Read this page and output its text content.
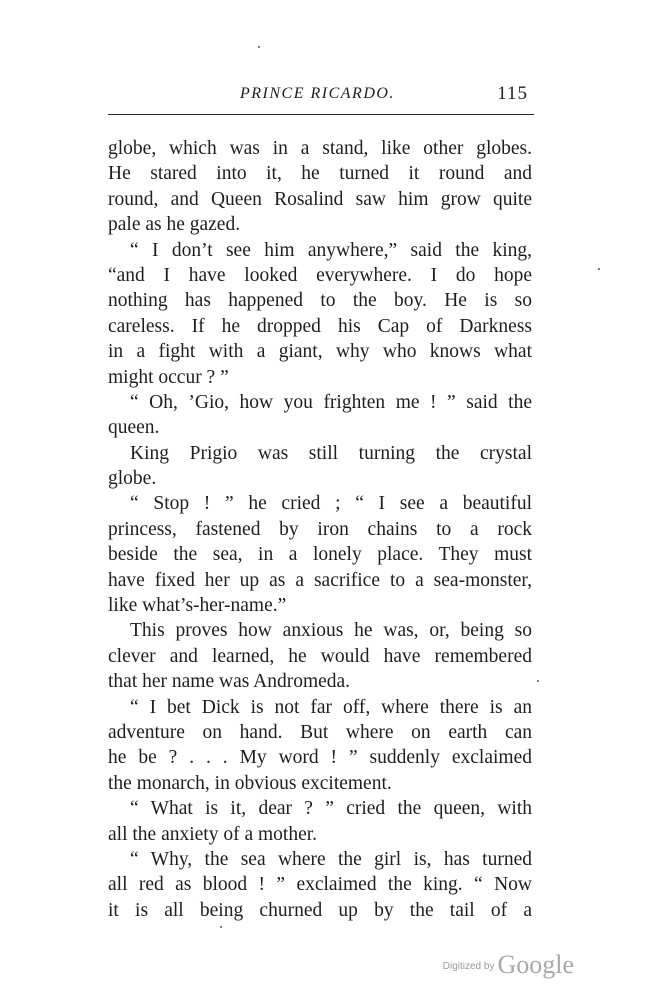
PRINCE RICARDO.	115
globe, which was in a stand, like other globes.
He stared into it, he turned it round and
round, and Queen Rosalind saw him grow quite
pale as he gazed.
“ I don’t see him anywhere,” said the king,
“and I have looked everywhere. I do hope
nothing has happened to the boy. He is so
careless. If he dropped his Cap of Darkness
in a fight with a giant, why who knows what
might occur ? ”
“ Oh, ’Gio, how you frighten me ! ” said the
queen.
King Prigio was still turning the crystal
globe.
“ Stop ! ” he cried ; “ I see a beautiful
princess, fastened by iron chains to a rock
beside the sea, in a lonely place. They must
have fixed her up as a sacrifice to a sea-monster,
like what’s-her-name.”
This proves how anxious he was, or, being so
clever and learned, he would have remembered
that her name was Andromeda.
“ I bet Dick is not far off, where there is an
adventure on hand. But where on earth can
he be ? . . . My word ! ” suddenly exclaimed
the monarch, in obvious excitement.
“ What is it, dear ? ” cried the queen, with
all the anxiety of a mother.
“ Why, the sea where the girl is, has turned
all red as blood ! ” exclaimed the king. “ Now
it is all being churned up by the tail of a
$^{Digitized by}$ Google
